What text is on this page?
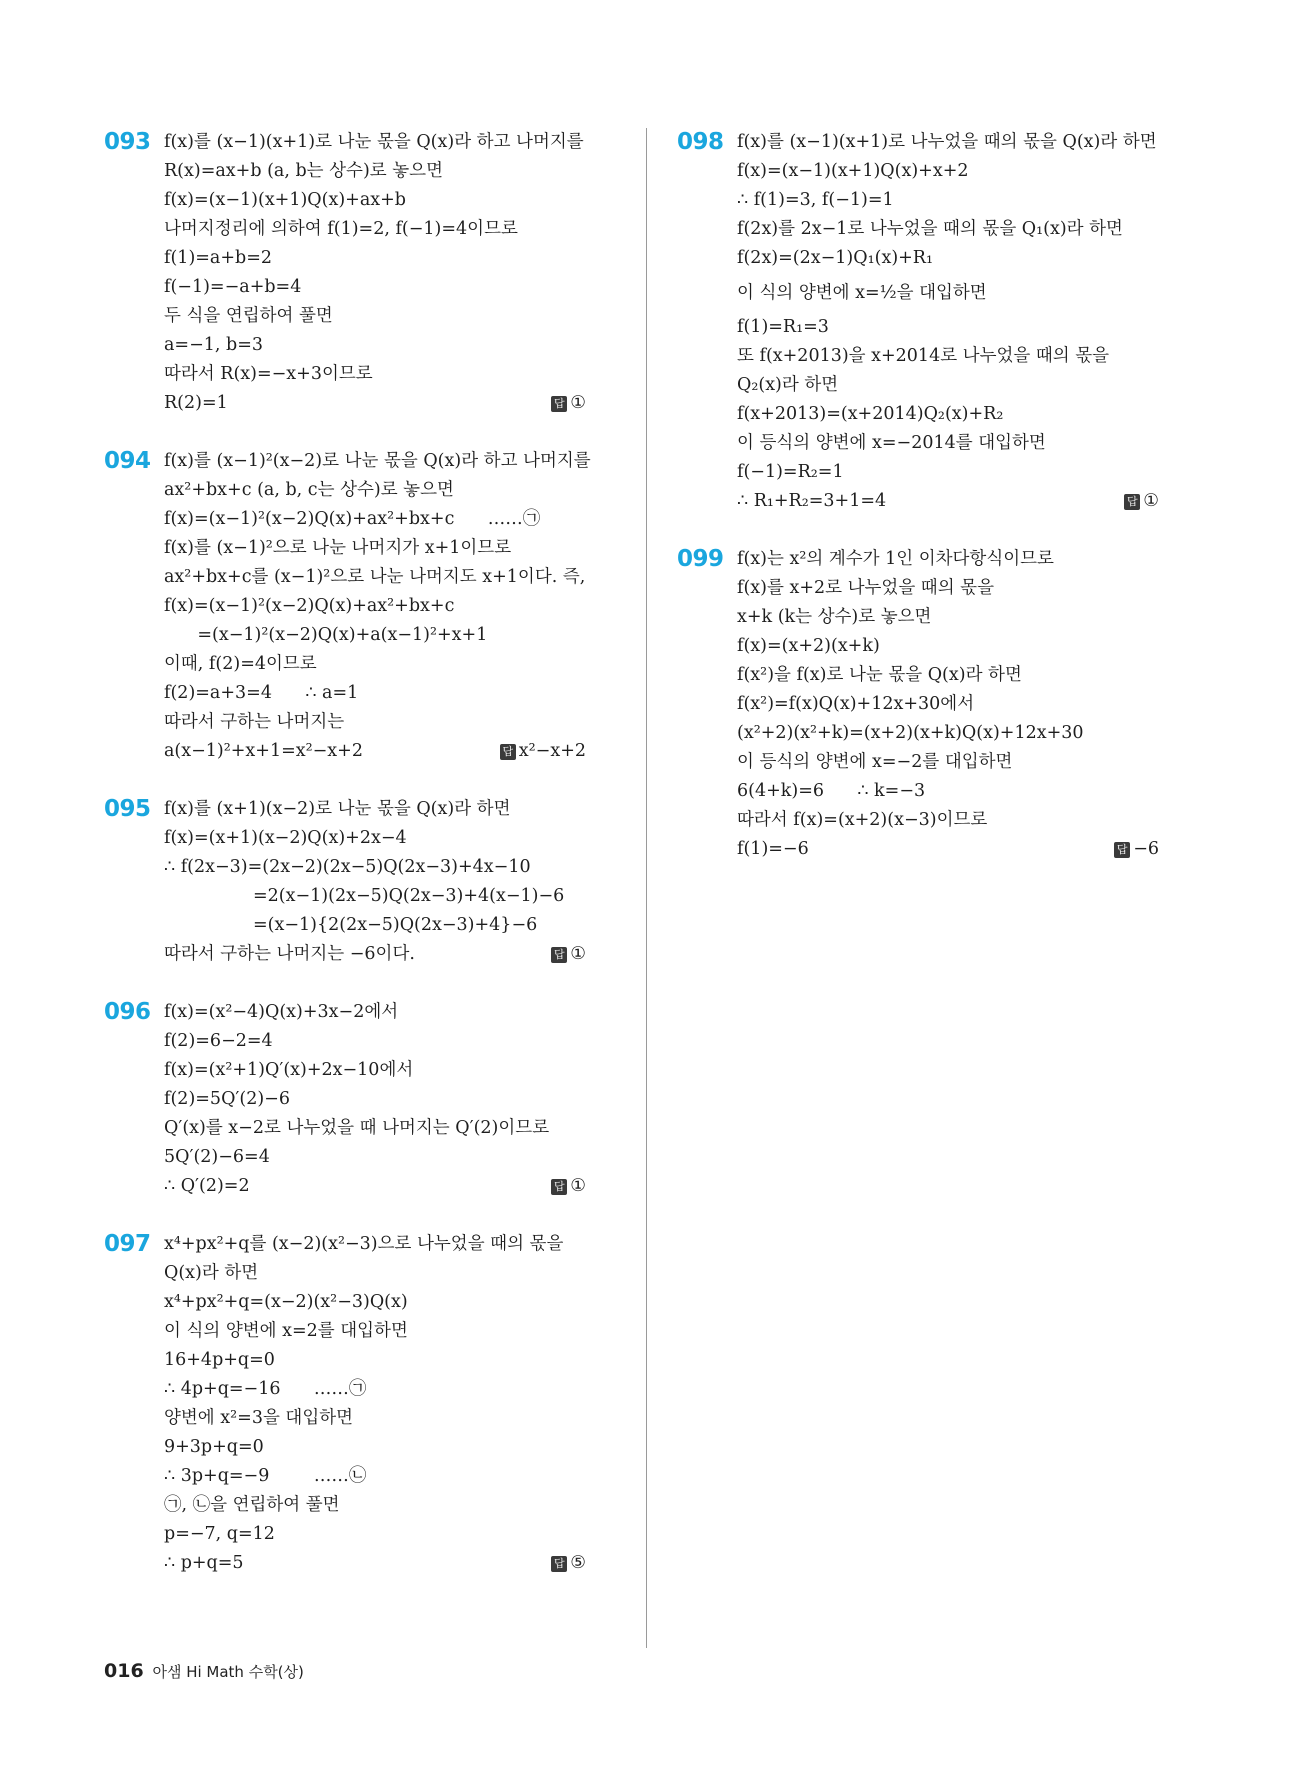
093 f(x)를 (x−1)(x+1)로 나눈 몫을 Q(x)라 하고 나머지를
R(x)=ax+b (a, b는 상수)로 놓으면
f(x)=(x−1)(x+1)Q(x)+ax+b
나머지정리에 의하여 f(1)=2, f(−1)=4이므로
f(1)=a+b=2
f(−1)=−a+b=4
두 식을 연립하여 풀면
a=−1, b=3
따라서 R(x)=−x+3이므로
R(2)=1	답 ①
094 f(x)를 (x−1)²(x−2)로 나눈 몫을 Q(x)라 하고 나머지를
ax²+bx+c (a, b, c는 상수)로 놓으면
f(x)=(x−1)²(x−2)Q(x)+ax²+bx+c      ……㉠
f(x)를 (x−1)²으로 나눈 나머지가 x+1이므로
ax²+bx+c를 (x−1)²으로 나눈 나머지도 x+1이다. 즉,
f(x)=(x−1)²(x−2)Q(x)+ax²+bx+c
=(x−1)²(x−2)Q(x)+a(x−1)²+x+1
이때, f(2)=4이므로
f(2)=a+3=4      ∴ a=1
따라서 구하는 나머지는
a(x−1)²+x+1=x²−x+2	답 x²−x+2
095 f(x)를 (x+1)(x−2)로 나눈 몫을 Q(x)라 하면
f(x)=(x+1)(x−2)Q(x)+2x−4
∴ f(2x−3)=(2x−2)(2x−5)Q(2x−3)+4x−10
=2(x−1)(2x−5)Q(2x−3)+4(x−1)−6
=(x−1){2(2x−5)Q(2x−3)+4}−6
따라서 구하는 나머지는 −6이다.	답 ①
096 f(x)=(x²−4)Q(x)+3x−2에서
f(2)=6−2=4
f(x)=(x²+1)Q′(x)+2x−10에서
f(2)=5Q′(2)−6
Q′(x)를 x−2로 나누었을 때 나머지는 Q′(2)이므로
5Q′(2)−6=4
∴ Q′(2)=2	답 ①
097 x⁴+px²+q를 (x−2)(x²−3)으로 나누었을 때의 몫을
Q(x)라 하면
x⁴+px²+q=(x−2)(x²−3)Q(x)
이 식의 양변에 x=2를 대입하면
16+4p+q=0
∴ 4p+q=−16      ……㉠
양변에 x²=3을 대입하면
9+3p+q=0
∴ 3p+q=−9        ……㉡
㉠, ㉡을 연립하여 풀면
p=−7, q=12
∴ p+q=5	답 ⑤
098 f(x)를 (x−1)(x+1)로 나누었을 때의 몫을 Q(x)라 하면
f(x)=(x−1)(x+1)Q(x)+x+2
∴ f(1)=3, f(−1)=1
f(2x)를 2x−1로 나누었을 때의 몫을 Q₁(x)라 하면
f(2x)=(2x−1)Q₁(x)+R₁
이 식의 양변에 x=½을 대입하면
f(1)=R₁=3
또 f(x+2013)을 x+2014로 나누었을 때의 몫을
Q₂(x)라 하면
f(x+2013)=(x+2014)Q₂(x)+R₂
이 등식의 양변에 x=−2014를 대입하면
f(−1)=R₂=1
∴ R₁+R₂=3+1=4	답 ①
099 f(x)는 x²의 계수가 1인 이차다항식이므로
f(x)를 x+2로 나누었을 때의 몫을
x+k (k는 상수)로 놓으면
f(x)=(x+2)(x+k)
f(x²)을 f(x)로 나눈 몫을 Q(x)라 하면
f(x²)=f(x)Q(x)+12x+30에서
(x²+2)(x²+k)=(x+2)(x+k)Q(x)+12x+30
이 등식의 양변에 x=−2를 대입하면
6(4+k)=6      ∴ k=−3
따라서 f(x)=(x+2)(x−3)이므로
f(1)=−6	답 −6
016 아샘 Hi Math 수학(상)
